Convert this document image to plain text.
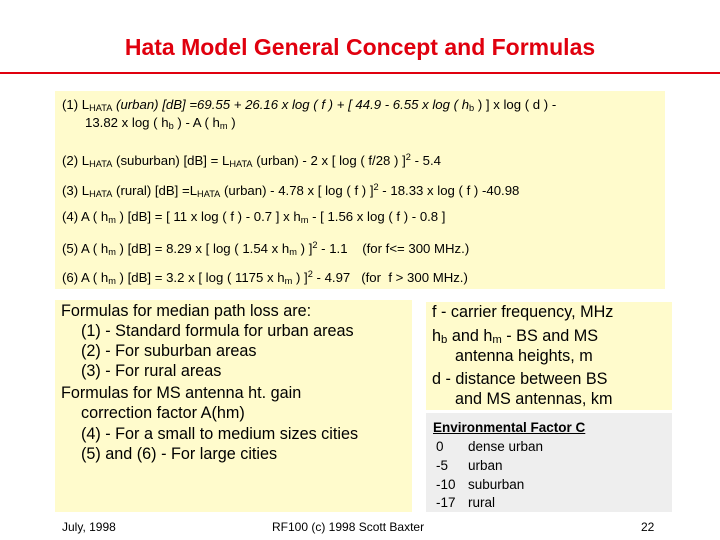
Hata Model General Concept and Formulas
(1) $L_{HATA}$ (urban) [dB] =69.55 + 26.16 x log ( f ) + [ 44.9 - 6.55 x log ( $h_b$ ) ] x log ( d ) -
13.82 x log ( $h_b$ ) - A ( $h_m$ )
(2) $L_{HATA}$ (suburban) $[dB] = L_{HATA}$ (urban) - 2 x [ log ( f/28 ) ]$^2$ - 5.4
(3) $L_{HATA}$ (rural) $[dB] =L_{HATA}$ (urban) - 4.78 x [ log ( f ) ]$^2$ - 18.33 x log ( f ) -40.98
(4) A ( $h_m$ ) [dB] = [ 11 x log ( f ) - 0.7 ] x $h_m$ - [ 1.56 x log ( f ) - 0.8 ]
(5) A ( $h_m$ ) [dB] = 8.29 x [ log ( 1.54 x $h_m$ ) ]$^2$ - 1.1    (for f<= 300 MHz.)
(6) A ( $h_m$ ) [dB] = 3.2 x [ log ( 1175 x $h_m$ ) ]$^2$ - 4.97   (for  f > 300 MHz.)
Formulas for median path loss are:
(1) - Standard formula for urban areas
(2) - For suburban areas
(3) - For rural areas
Formulas for MS antenna ht. gain
correction factor A(hm)
(4) - For a small to medium sizes cities
(5) and (6) - For large cities
f - carrier frequency, MHz
$h_b$ and $h_m$ - BS and MS
antenna heights, m
d - distance between BS
and MS antennas, km
Environmental Factor C
0 dense urban
-5 urban
-10 suburban
-17 rural
July, 1998	RF100 (c) 1998 Scott Baxter	22
